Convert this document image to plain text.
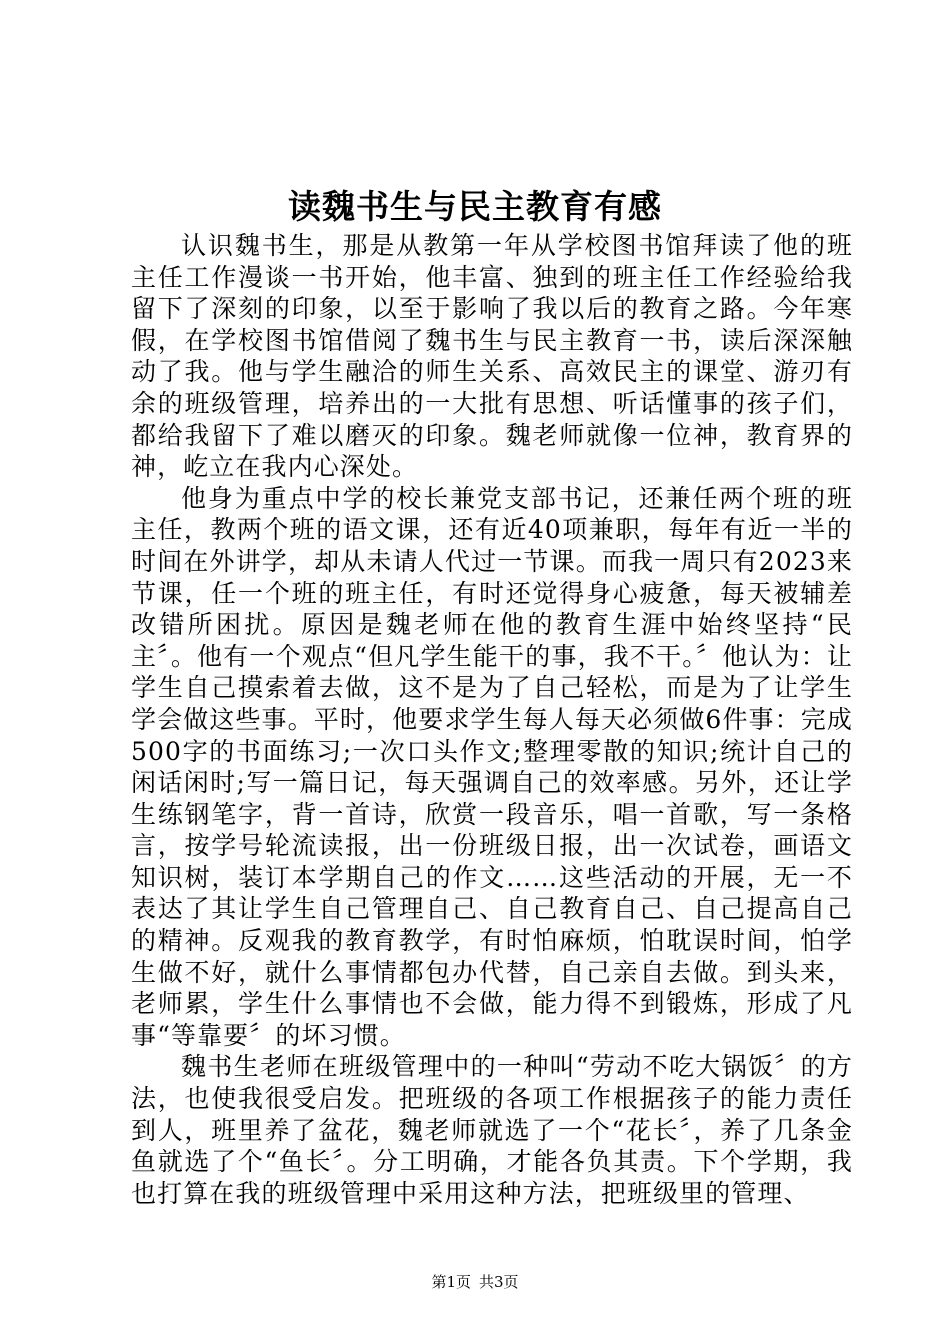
读魏书生与民主教育有感

认识魏书生，那是从教第一年从学校图书馆拜读了他的班主任工作漫谈一书开始，他丰富、独到的班主任工作经验给我留下了深刻的印象，以至于影响了我以后的教育之路。今年寒假，在学校图书馆借阅了魏书生与民主教育一书，读后深深触动了我。他与学生融洽的师生关系、高效民主的课堂、游刃有余的班级管理，培养出的一大批有思想、听话懂事的孩子们，都给我留下了难以磨灭的印象。魏老师就像一位神，教育界的神，屹立在我内心深处。

他身为重点中学的校长兼党支部书记，还兼任两个班的班主任，教两个班的语文课，还有近40项兼职，每年有近一半的时间在外讲学，却从未请人代过一节课。而我一周只有2023来节课，任一个班的班主任，有时还觉得身心疲惫，每天被辅差改错所困扰。原因是魏老师在他的教育生涯中始终坚持“民主〞。他有一个观点“但凡学生能干的事，我不干。〞他认为：让学生自己摸索着去做，这不是为了自己轻松，而是为了让学生学会做这些事。平时，他要求学生每人每天必须做6件事：完成500字的书面练习;一次口头作文;整理零散的知识;统计自己的闲话闲时;写一篇日记，每天强调自己的效率感。另外，还让学生练钢笔字，背一首诗，欣赏一段音乐，唱一首歌，写一条格言，按学号轮流读报，出一份班级日报，出一次试卷，画语文知识树，装订本学期自己的作文……这些活动的开展，无一不表达了其让学生自己管理自己、自己教育自己、自己提高自己的精神。反观我的教育教学，有时怕麻烦，怕耽误时间，怕学生做不好，就什么事情都包办代替，自己亲自去做。到头来，老师累，学生什么事情也不会做，能力得不到锻炼，形成了凡事“等靠要〞的坏习惯。

魏书生老师在班级管理中的一种叫“劳动不吃大锅饭〞的方法，也使我很受启发。把班级的各项工作根据孩子的能力责任到人，班里养了盆花，魏老师就选了一个“花长〞，养了几条金鱼就选了个“鱼长〞。分工明确，才能各负其责。下个学期，我也打算在我的班级管理中采用这种方法，把班级里的管理、

第1页 共3页
